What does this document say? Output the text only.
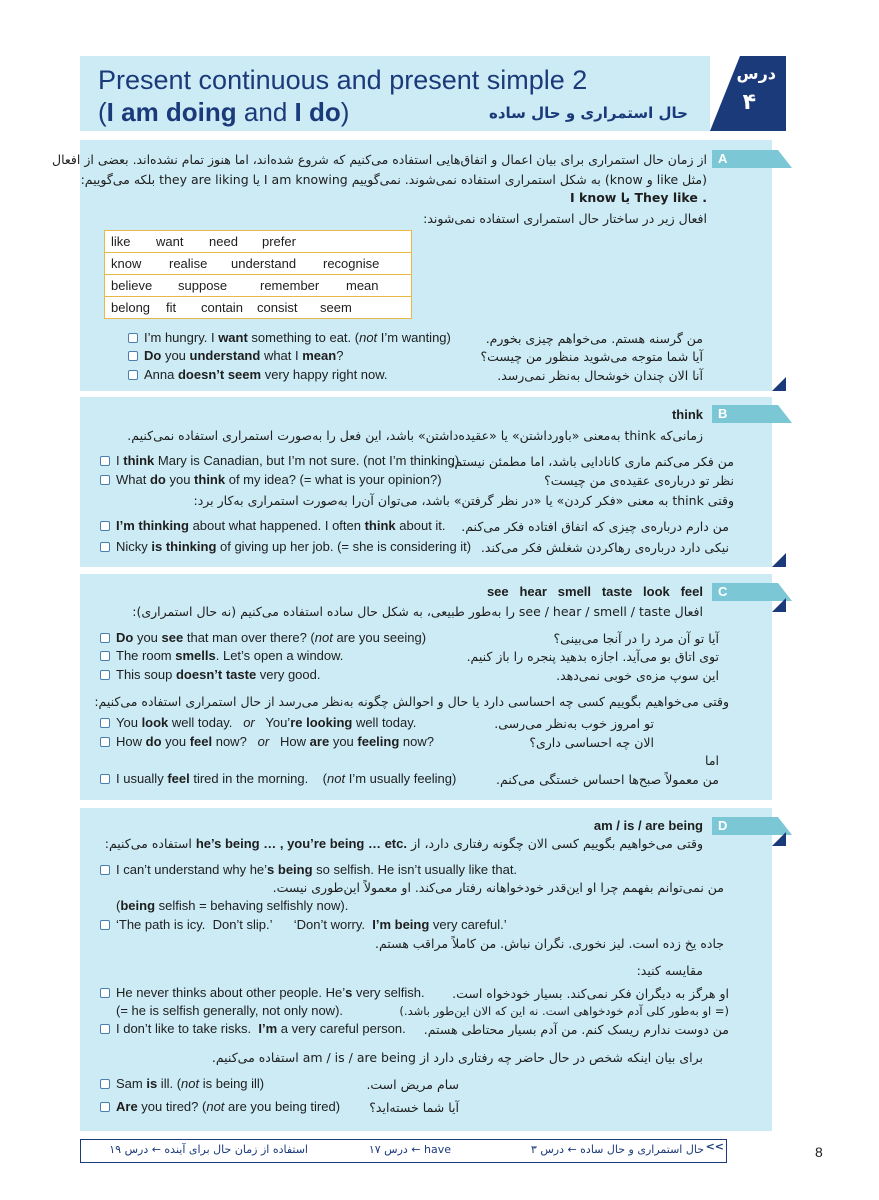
Present continuous and present simple 2
(I am doing and I do)	حال استمراری و حال ساده
درس
۴
A
از زمان حال استمراری برای بیان اعمال و اتفاق‌هایی استفاده می‌کنیم که شروع شده‌اند، اما هنوز تمام نشده‌اند. بعضی از افعال
(مثل like و know) به شکل استمراری استفاده نمی‌شوند. نمی‌گوییم I am knowing یا they are liking بلکه می‌گوییم:
. They like یا I know
افعال زیر در ساختار حال استمراری استفاده نمی‌شوند:
like want need prefer
know realise understand recognise
believe suppose	remember mean
belong fit contain consist seem
I’m hungry. I want something to eat. (not I’m wanting)	من گرسنه هستم. می‌خواهم چیزی بخورم.
Do you understand what I mean?	آیا شما متوجه می‌شوید منظور من چیست؟
Anna doesn’t seem very happy right now.	آنا الان چندان خوشحال به‌نظر نمی‌رسد.
B
think
زمانی‌که think به‌معنی «باورداشتن» یا «عقیده‌داشتن» باشد، این فعل را به‌صورت استمراری استفاده نمی‌کنیم.
I think Mary is Canadian, but I’m not sure. (not I’m thinking)
من فکر می‌کنم ماری کانادایی باشد، اما مطمئن نیستم.
What do you think of my idea? (= what is your opinion?)	نظر تو درباره‌ی عقیده‌ی من چیست؟
وقتی think به معنی «فکر کردن» یا «در نظر گرفتن» باشد، می‌توان آن‌را به‌صورت استمراری به‌کار برد:
I’m thinking about what happened. I often think about it. من دارم درباره‌ی چیزی که اتفاق افتاده فکر می‌کنم.
Nicky is thinking of giving up her job. (= she is considering it) نیکی دارد درباره‌ی رهاکردن شغلش فکر می‌کند.
C
see   hear   smell   taste   look   feel
افعال see / hear / smell / taste را به‌طور طبیعی، به شکل حال ساده استفاده می‌کنیم (نه حال استمراری):
Do you see that man over there? (not are you seeing)	آیا تو آن مرد را در آنجا می‌بینی؟
The room smells. Let’s open a window.	توی اتاق بو می‌آید. اجازه بدهید پنجره را باز کنیم.
This soup doesn’t taste very good.	این سوپ مزه‌ی خوبی نمی‌دهد.
وقتی می‌خواهیم بگوییم کسی چه احساسی دارد یا حال و احوالش چگونه به‌نظر می‌رسد از حال استمراری استفاده می‌کنیم:
You look well today.   or   You’re looking well today.	تو امروز خوب به‌نظر می‌رسی.
How do you feel now?   or   How are you feeling now?	الان چه احساسی داری؟
اما
I usually feel tired in the morning.    (not I’m usually feeling)	من معمولاً صبح‌ها احساس خستگی می‌کنم.
D
am / is / are being
وقتی می‌خواهیم بگوییم کسی الان چگونه رفتاری دارد، از he’s being … , you’re being … etc. استفاده می‌کنیم:
I can’t understand why he’s being so selfish. He isn’t usually like that.
من نمی‌توانم بفهمم چرا او این‌قدر خودخواهانه رفتار می‌کند. او معمولاً این‌طوری نیست.
(being selfish = behaving selfishly now).
‘The path is icy.  Don’t slip.’      ‘Don’t worry.  I’m being very careful.’
جاده یخ زده است. لیز نخوری. نگران نباش. من کاملاً مراقب هستم.
مقایسه کنید:
He never thinks about other people. He’s very selfish. او هرگز به دیگران فکر نمی‌کند. بسیار خودخواه است.
(= he is selfish generally, not only now).	(= او به‌طور کلی آدم خودخواهی است. نه این که الان این‌طور باشد.)
I don’t like to take risks.  I’m a very careful person. من دوست ندارم ریسک کنم. من آدم بسیار محتاطی هستم.
برای بیان اینکه شخص در حال حاضر چه رفتاری دارد از am / is / are being استفاده می‌کنیم.
Sam is ill. (not is being ill)	سام مریض است.
Are you tired? (not are you being tired) آیا شما خسته‌اید؟
حال استمراری و حال ساده ← درس ۳
have ← درس ۱۷
استفاده از زمان حال برای آینده ← درس ۱۹	<<	8
